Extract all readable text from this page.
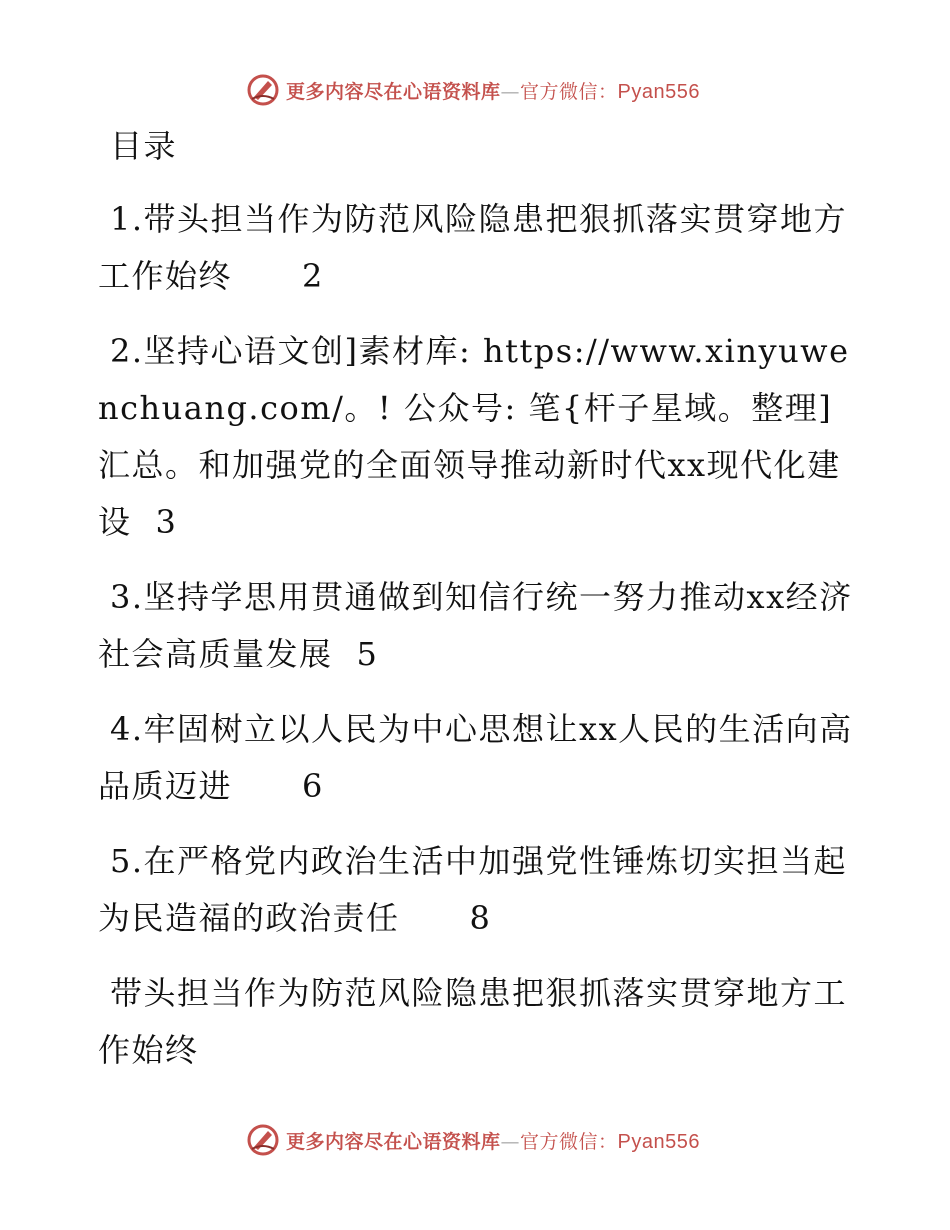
更多内容尽在心语资料库—官方微信：Pyan556

目录

1.带头担当作为防范风险隐患把狠抓落实贯穿地方工作始终 2

2.坚持心语文创]素材库: https://www.xinyuwenchuang.com/。! 公众号: 笔{杆子星域。整理]汇总。和加强党的全面领导推动新时代xx现代化建设 3

3.坚持学思用贯通做到知信行统一努力推动xx经济社会高质量发展 5

4.牢固树立以人民为中心思想让xx人民的生活向高品质迈进 6

5.在严格党内政治生活中加强党性锤炼切实担当起为民造福的政治责任 8

带头担当作为防范风险隐患把狠抓落实贯穿地方工作始终

更多内容尽在心语资料库—官方微信：Pyan556
